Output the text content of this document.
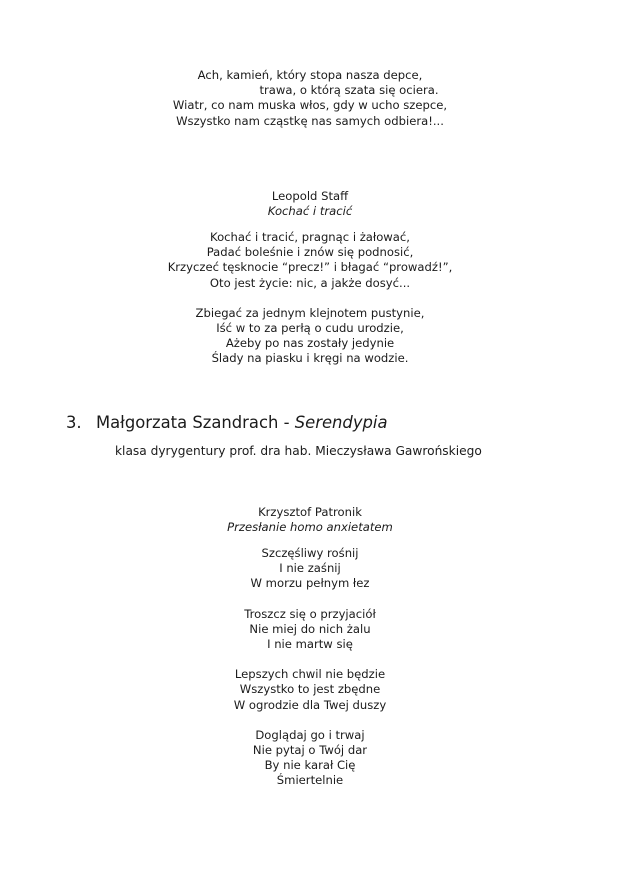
Ach, kamień, który stopa nasza depce,
trawa, o którą szata się ociera.
Wiatr, co nam muska włos, gdy w ucho szepce,
Wszystko nam cząstkę nas samych odbiera!...
Leopold Staff
Kochać i tracić
Kochać i tracić, pragnąc i żałować,
Padać boleśnie i znów się podnosić,
Krzyczeć tęsknocie “precz!” i błagać “prowadź!”,
Oto jest życie: nic, a jakże dosyć...
Zbiegać za jednym klejnotem pustynie,
Iść w to za perłą o cudu urodzie,
Ażeby po nas zostały jedynie
Ślady na piasku i kręgi na wodzie.
3. Małgorzata Szandrach - Serendypia
klasa dyrygentury prof. dra hab. Mieczysława Gawrońskiego
Krzysztof Patronik
Przesłanie homo anxietatem
Szczęśliwy rośnij
I nie zaśnij
W morzu pełnym łez
Troszcz się o przyjaciół
Nie miej do nich żalu
I nie martw się
Lepszych chwil nie będzie
Wszystko to jest zbędne
W ogrodzie dla Twej duszy
Doglądaj go i trwaj
Nie pytaj o Twój dar
By nie karał Cię
Śmiertelnie
